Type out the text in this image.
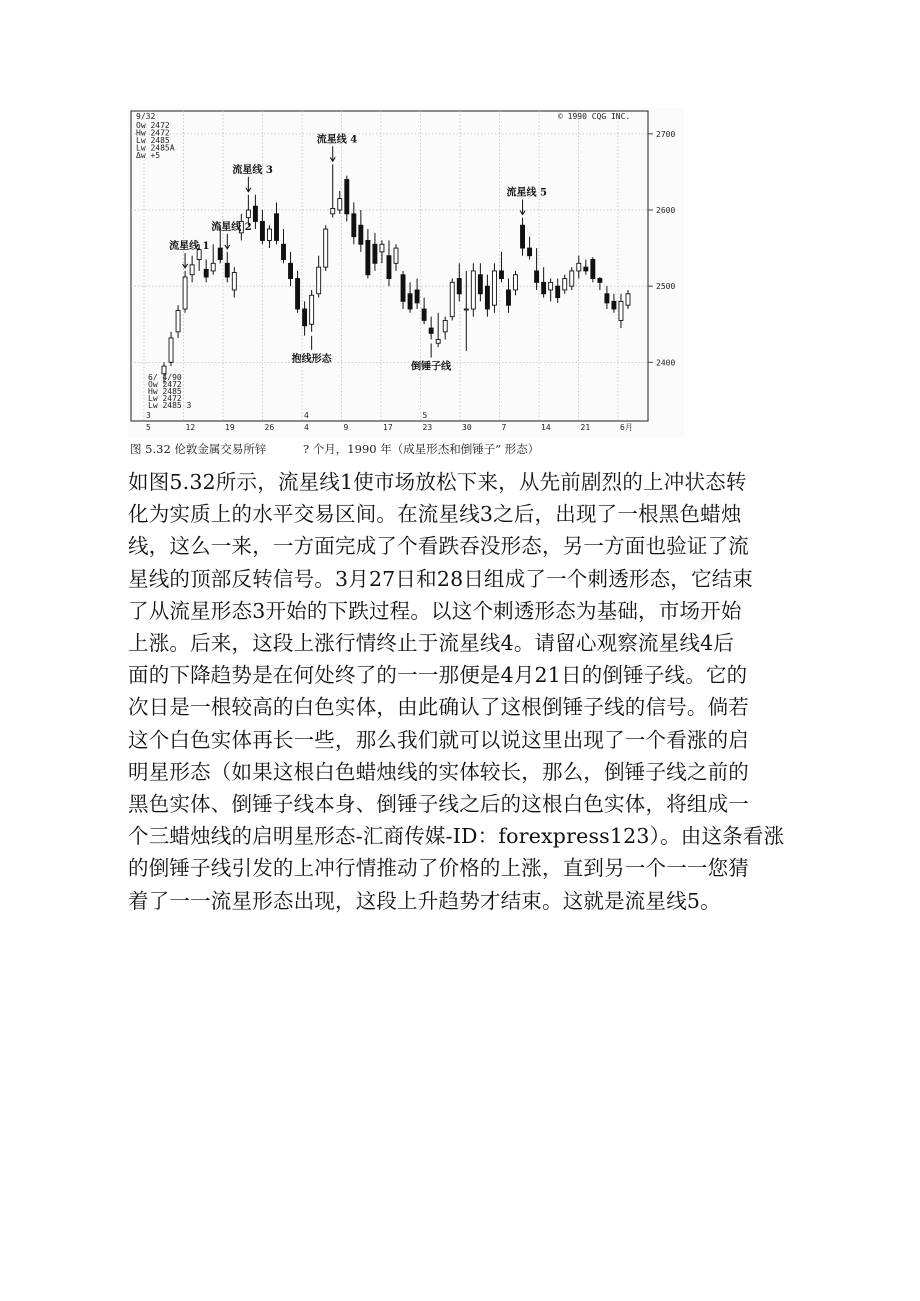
2700
2600
2500
2400
5	12	19	26	4	9	17	23	30	7	14	21	6月
3	4	5
流星线 1
流星线 2
流星线 3
流星线 4
流星线 5
抱线形态
倒锤子线
9/32	© 1990 CQG INC.
Ow 2472
Hw 2472
Lw 2485
Lw 2485A
Δw +5
6/ 4/90
Ow 2472
Hw 2485
Lw 2472
Lw 2485 3
图 5.32 伦敦金属交易所锌	? 个月，1990 年（成星形杰和倒锤子” 形态）
如图5.32所示，流星线1使市场放松下来，从先前剧烈的上冲状态转
化为实质上的水平交易区间。在流星线3之后，出现了一根黑色蜡烛
线，这么一来，一方面完成了个看跌吞没形态，另一方面也验证了流
星线的顶部反转信号。3月27日和28日组成了一个刺透形态，它结束
了从流星形态3开始的下跌过程。以这个刺透形态为基础，市场开始
上涨。后来，这段上涨行情终止于流星线4。请留心观察流星线4后
面的下降趋势是在何处终了的一一那便是4月21日的倒锤子线。它的
次日是一根较高的白色实体，由此确认了这根倒锤子线的信号。倘若
这个白色实体再长一些，那么我们就可以说这里出现了一个看涨的启
明星形态（如果这根白色蜡烛线的实体较长，那么，倒锤子线之前的
黑色实体、倒锤子线本身、倒锤子线之后的这根白色实体，将组成一
个三蜡烛线的启明星形态-汇商传媒-ID：forexpress123）。由这条看涨
的倒锤子线引发的上冲行情推动了价格的上涨，直到另一个一一您猜
着了一一流星形态出现，这段上升趋势才结束。这就是流星线5。
